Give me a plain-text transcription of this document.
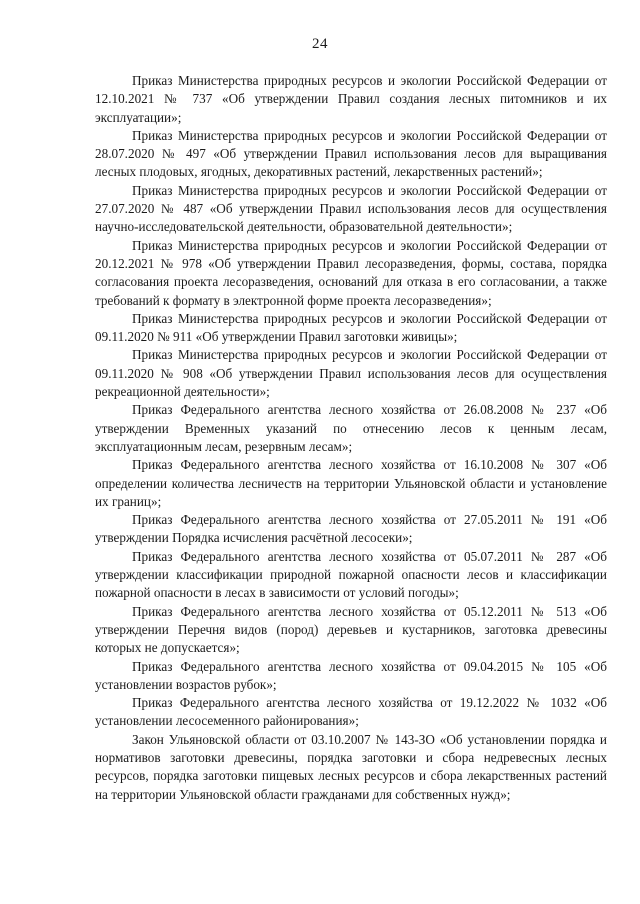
24

Приказ Министерства природных ресурсов и экологии Российской Федерации от 12.10.2021 № 737 «Об утверждении Правил создания лесных питомников и их эксплуатации»;

Приказ Министерства природных ресурсов и экологии Российской Федерации от 28.07.2020 № 497 «Об утверждении Правил использования лесов для выращивания лесных плодовых, ягодных, декоративных растений, лекарственных растений»;

Приказ Министерства природных ресурсов и экологии Российской Федерации от 27.07.2020 № 487 «Об утверждении Правил использования лесов для осуществления научно-исследовательской деятельности, образовательной деятельности»;

Приказ Министерства природных ресурсов и экологии Российской Федерации от 20.12.2021 № 978 «Об утверждении Правил лесоразведения, формы, состава, порядка согласования проекта лесоразведения, оснований для отказа в его согласовании, а также требований к формату в электронной форме проекта лесоразведения»;

Приказ Министерства природных ресурсов и экологии Российской Федерации от 09.11.2020 № 911 «Об утверждении Правил заготовки живицы»;

Приказ Министерства природных ресурсов и экологии Российской Федерации от 09.11.2020 № 908 «Об утверждении Правил использования лесов для осуществления рекреационной деятельности»;

Приказ Федерального агентства лесного хозяйства от 26.08.2008 № 237 «Об утверждении Временных указаний по отнесению лесов к ценным лесам, эксплуатационным лесам, резервным лесам»;

Приказ Федерального агентства лесного хозяйства от 16.10.2008 № 307 «Об определении количества лесничеств на территории Ульяновской области и установление их границ»;

Приказ Федерального агентства лесного хозяйства от 27.05.2011 № 191 «Об утверждении Порядка исчисления расчётной лесосеки»;

Приказ Федерального агентства лесного хозяйства от 05.07.2011 № 287 «Об утверждении классификации природной пожарной опасности лесов и классификации пожарной опасности в лесах в зависимости от условий погоды»;

Приказ Федерального агентства лесного хозяйства от 05.12.2011 № 513 «Об утверждении Перечня видов (пород) деревьев и кустарников, заготовка древесины которых не допускается»;

Приказ Федерального агентства лесного хозяйства от 09.04.2015 № 105 «Об установлении возрастов рубок»;

Приказ Федерального агентства лесного хозяйства от 19.12.2022 № 1032 «Об установлении лесосеменного районирования»;

Закон Ульяновской области от 03.10.2007 № 143-ЗО «Об установлении порядка и нормативов заготовки древесины, порядка заготовки и сбора недревесных лесных ресурсов, порядка заготовки пищевых лесных ресурсов и сбора лекарственных растений на территории Ульяновской области гражданами для собственных нужд»;
